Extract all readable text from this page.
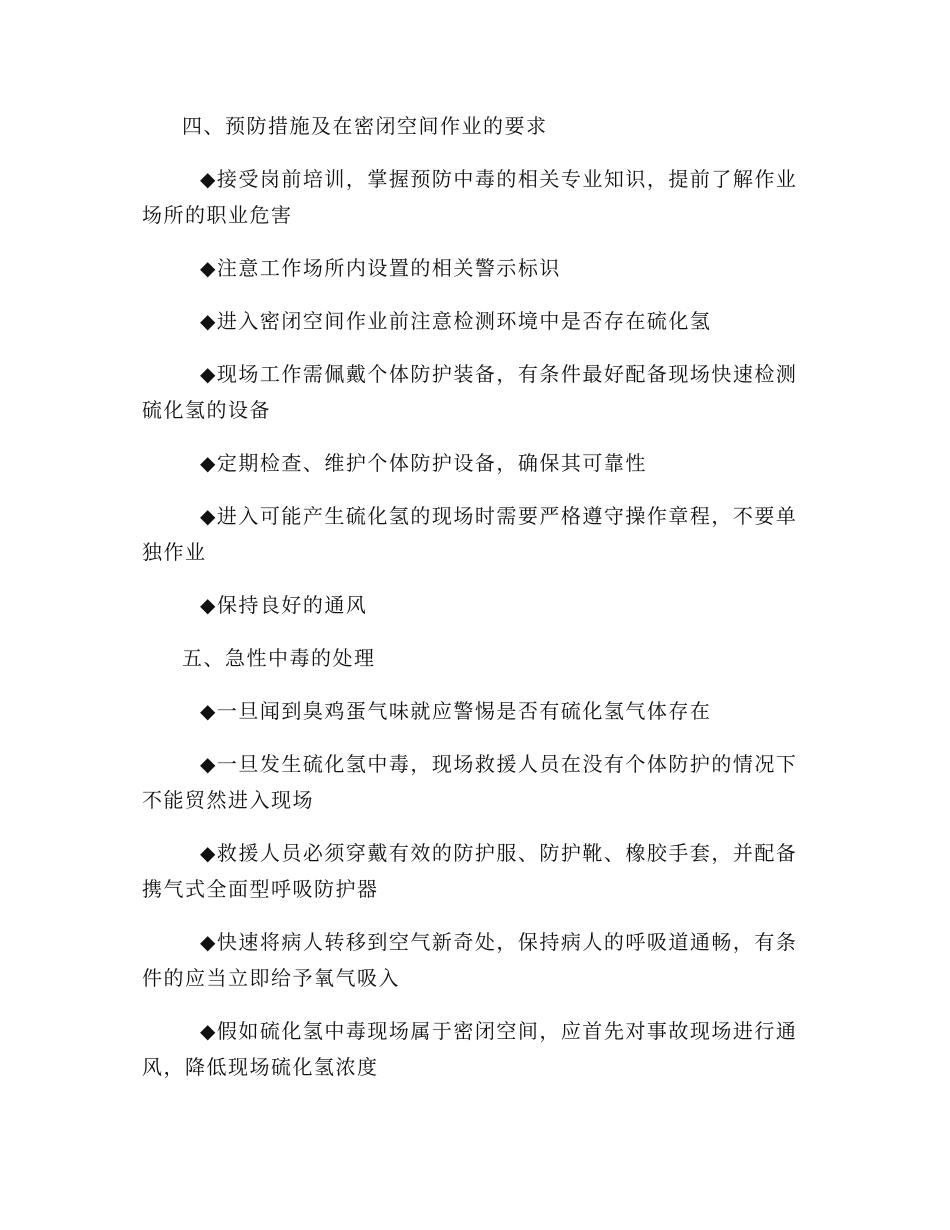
四、预防措施及在密闭空间作业的要求

◆接受岗前培训，掌握预防中毒的相关专业知识，提前了解作业场所的职业危害

◆注意工作场所内设置的相关警示标识

◆进入密闭空间作业前注意检测环境中是否存在硫化氢

◆现场工作需佩戴个体防护装备，有条件最好配备现场快速检测硫化氢的设备

◆定期检查、维护个体防护设备，确保其可靠性

◆进入可能产生硫化氢的现场时需要严格遵守操作章程，不要单独作业

◆保持良好的通风

五、急性中毒的处理

◆一旦闻到臭鸡蛋气味就应警惕是否有硫化氢气体存在

◆一旦发生硫化氢中毒，现场救援人员在没有个体防护的情况下不能贸然进入现场

◆救援人员必须穿戴有效的防护服、防护靴、橡胶手套，并配备携气式全面型呼吸防护器

◆快速将病人转移到空气新奇处，保持病人的呼吸道通畅，有条件的应当立即给予氧气吸入

◆假如硫化氢中毒现场属于密闭空间，应首先对事故现场进行通风，降低现场硫化氢浓度
